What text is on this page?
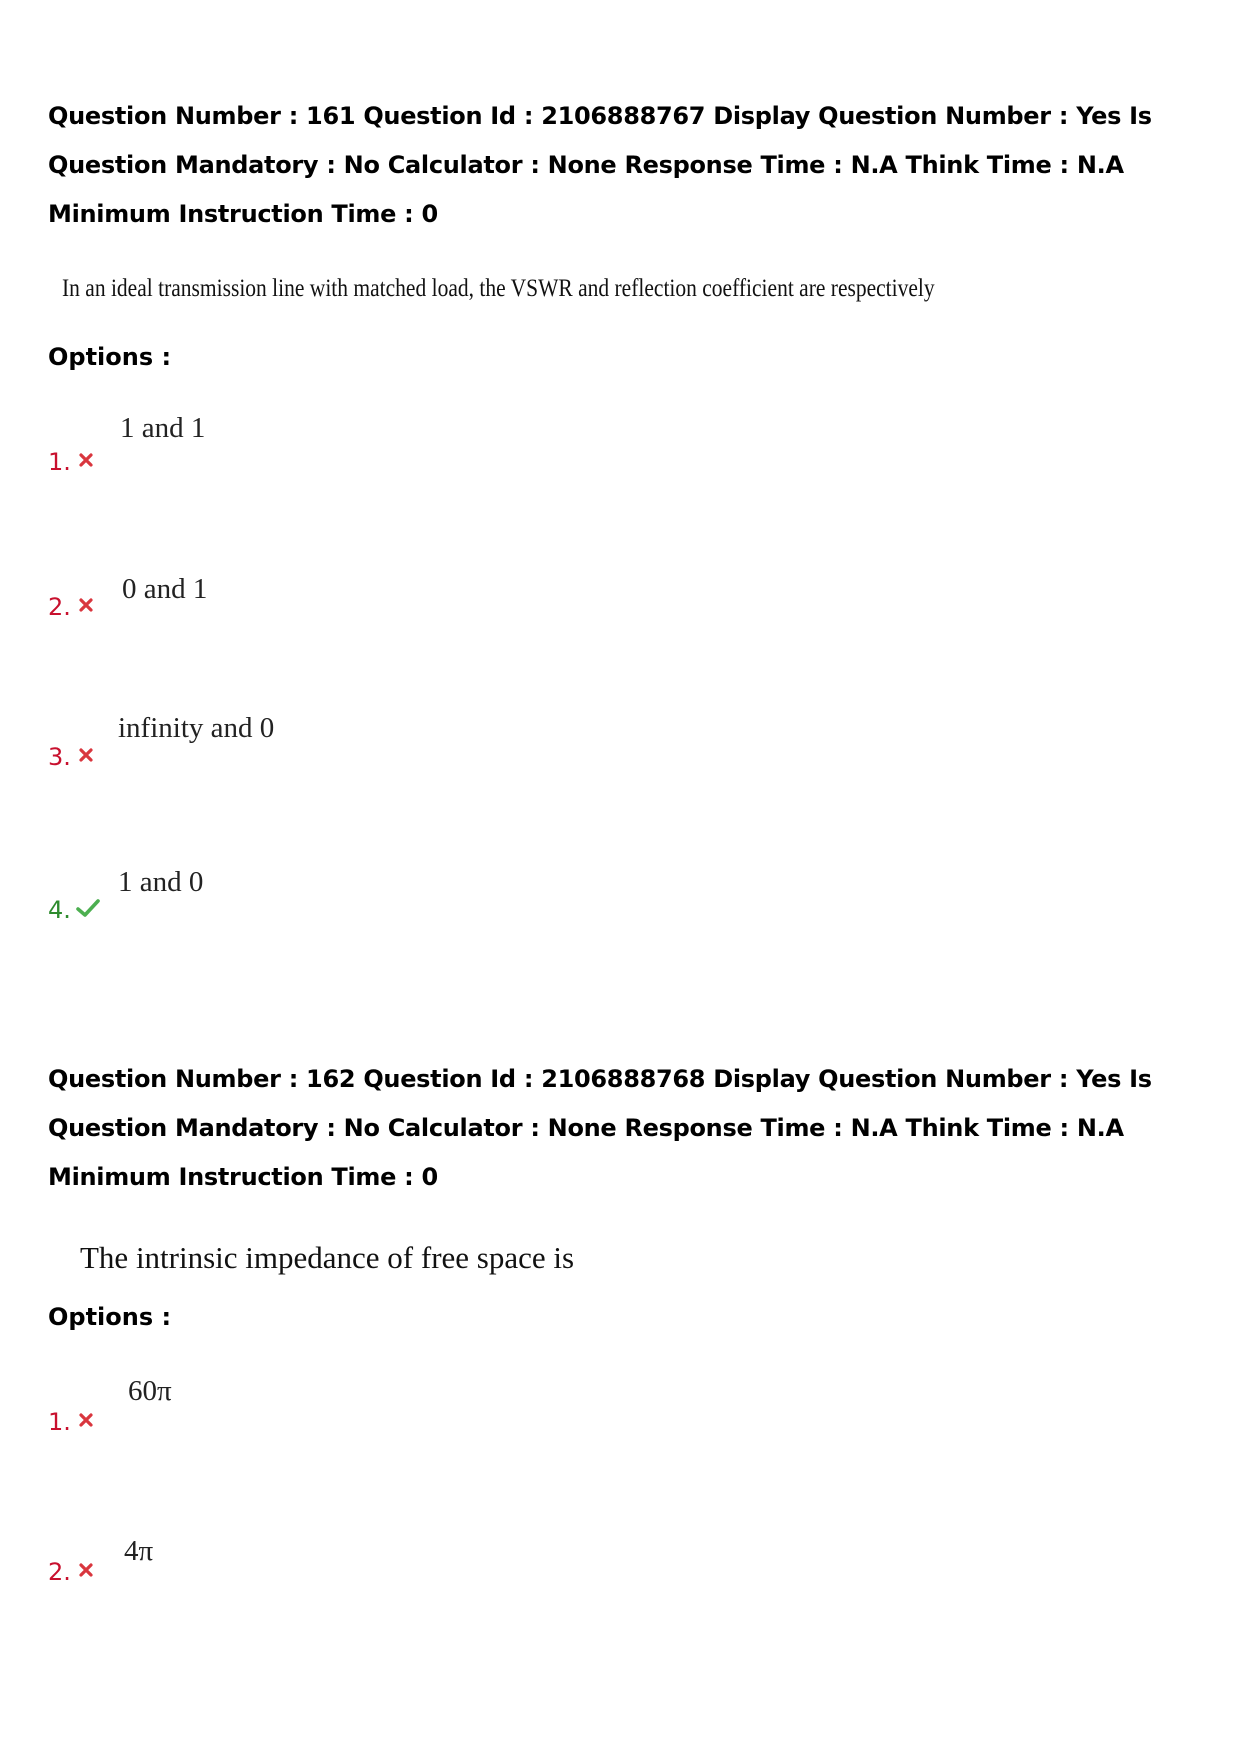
Question Number : 161 Question Id : 2106888767 Display Question Number : Yes Is Question Mandatory : No Calculator : None Response Time : N.A Think Time : N.A Minimum Instruction Time : 0
In an ideal transmission line with matched load, the VSWR and reflection coefficient are respectively
Options :
1.
1 and 1
2.
0 and 1
3.
infinity and 0
4.
1 and 0
Question Number : 162 Question Id : 2106888768 Display Question Number : Yes Is Question Mandatory : No Calculator : None Response Time : N.A Think Time : N.A Minimum Instruction Time : 0
The intrinsic impedance of free space is
Options :
1.
60π
2.
4π
